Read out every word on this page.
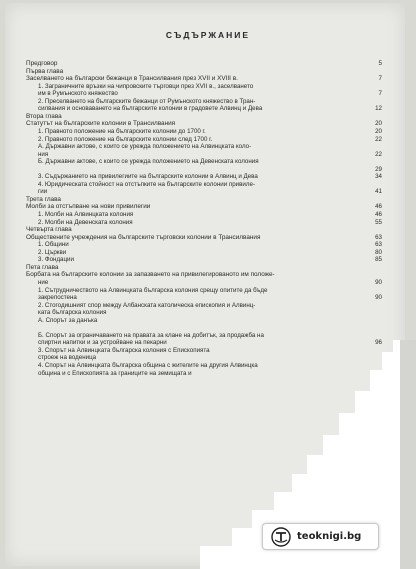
СЪДЪРЖАНИЕ
Предговор	5
Първа глава
Заселването на български бежанци в Трансилвания през XVII и XVIII в.	7
1. Заграничните връзки на чипровските търговци през XVII в., заселването
им в Румънското княжество	7
2. Преселването на българските бежанци от Румънското княжество в Тран-
силвания и основаването на българските колонии в градовете Алвинц и Дева	12
Втора глава
Статутът на българските колонии в Трансилвания	20
1. Правното положение на българските колонии до 1700 г.	20
2. Правното положение на българските колонии след 1700 г.	22
А. Държавни актове, с които се урежда положението на Алвинцката коло-
ния	22
Б. Държавни актове, с които се урежда положението на Девенската колония
29
3. Съдържанието на привилегиите на българските колонии в Алвинц и Дева	34
4. Юридическата стойност на отстъпките на българските колонии привиле-
гии	41
Трета глава
Молби за отстъпване на нови привилегии	46
1. Молби на Алвинцката колония	46
2. Молби на Девенската колония	55
Четвърта глава
Обществените учреждения на българските търговски колонии в Трансилвания	63
1. Общини	63
2. Църкви	80
3. Фондации	85
Пета глава
Борбата на българските колонии за запазването на привилегированото им положе-
ние	90
1. Сътрудничеството на Алвинцката българска колония срещу опитите да бъде
закрепостена	90
2. Стогодишният спор между Албанската католическа епископия и Алвинц-
ката българска колония
А. Спорът за данъка
Б. Спорът за ограничаването на правата за клане на добитък, за продажба на
спиртни напитки и за устройване на пекарни	96
3. Спорът на Алвинцката българска колония с Епископията
строеж на воденица
4. Спорът на Алвинцката българска община с жителите на другия Алвинцка
община и с Епископията за границите на земищата и
teoknigi.bg
